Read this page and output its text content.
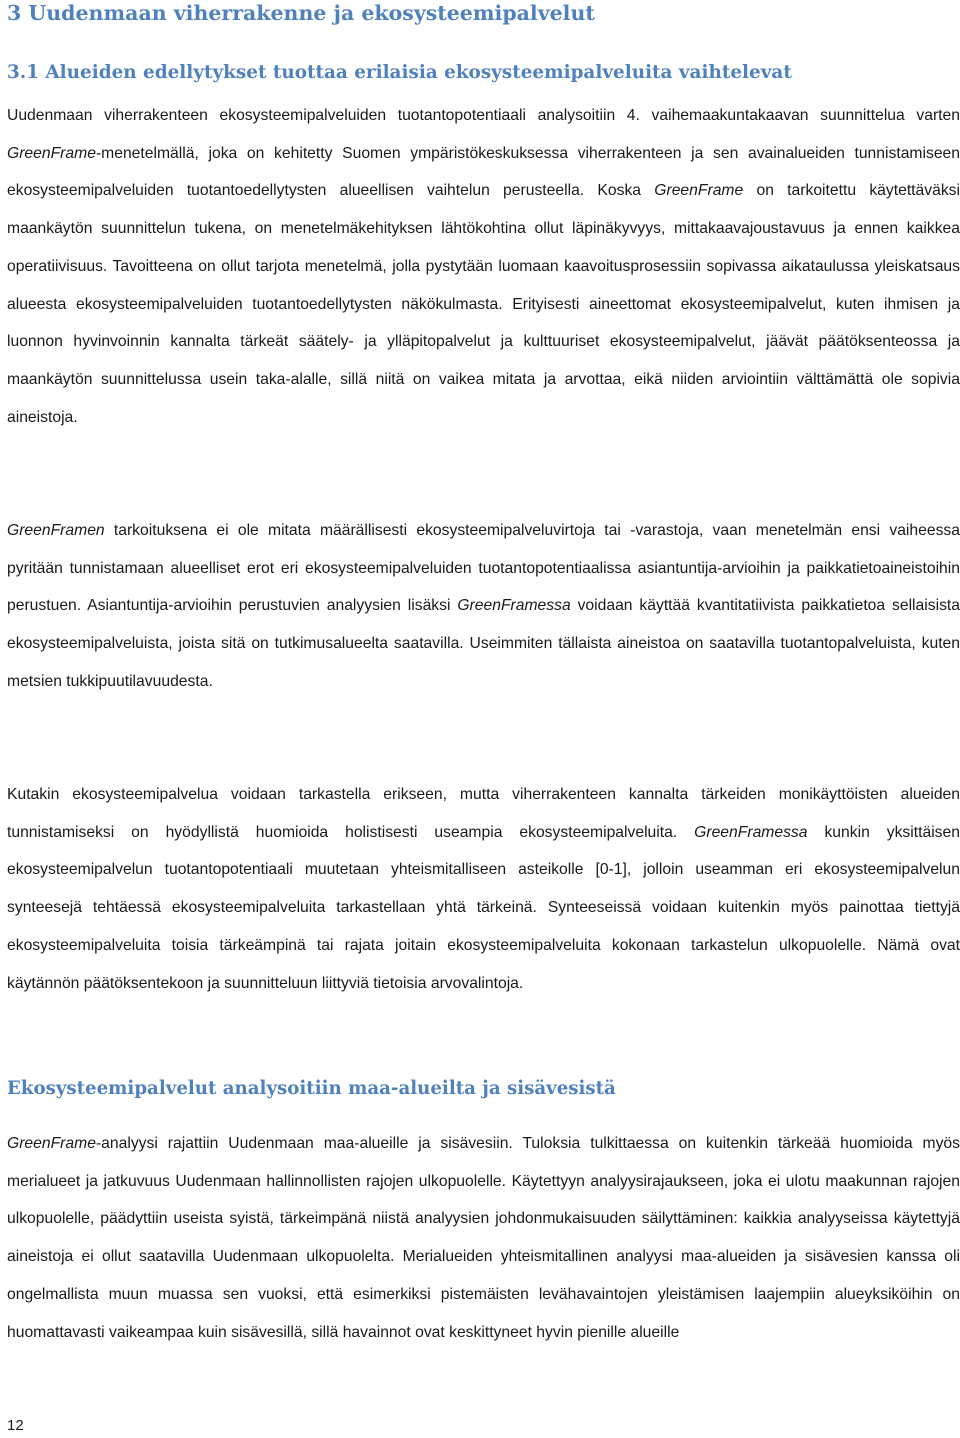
3 Uudenmaan viherrakenne ja ekosysteemipalvelut
3.1 Alueiden edellytykset tuottaa erilaisia ekosysteemipalveluita vaihtelevat

Uudenmaan viherrakenteen ekosysteemipalveluiden tuotantopotentiaali analysoitiin 4. vaihemaakuntakaavan suunnittelua varten GreenFrame-menetelmällä, joka on kehitetty Suomen ympäristökeskuksessa viherrakenteen ja sen avainalueiden tunnistamiseen ekosysteemipalveluiden tuotantoedellytysten alueellisen vaihtelun perusteella. Koska GreenFrame on tarkoitettu käytettäväksi maankäytön suunnittelun tukena, on menetelmäkehityksen lähtökohtina ollut läpinäkyvyys, mittakaavajoustavuus ja ennen kaikkea operatiivisuus. Tavoitteena on ollut tarjota menetelmä, jolla pystytään luomaan kaavoitusprosessiin sopivassa aikataulussa yleiskatsaus alueesta ekosysteemipalveluiden tuotantoedellytysten näkökulmasta. Erityisesti aineettomat ekosysteemipalvelut, kuten ihmisen ja luonnon hyvinvoinnin kannalta tärkeät säätely- ja ylläpitopalvelut ja kulttuuriset ekosysteemipalvelut, jäävät päätöksenteossa ja maankäytön suunnittelussa usein taka-alalle, sillä niitä on vaikea mitata ja arvottaa, eikä niiden arviointiin välttämättä ole sopivia aineistoja.

GreenFramen tarkoituksena ei ole mitata määrällisesti ekosysteemipalveluvirtoja tai -varastoja, vaan menetelmän ensi vaiheessa pyritään tunnistamaan alueelliset erot eri ekosysteemipalveluiden tuotantopotentiaalissa asiantuntija-arvioihin ja paikkatietoaineistoihin perustuen. Asiantuntija-arvioihin perustuvien analyysien lisäksi GreenFramessa voidaan käyttää kvantitatiivista paikkatietoa sellaisista ekosysteemipalveluista, joista sitä on tutkimusalueelta saatavilla. Useimmiten tällaista aineistoa on saatavilla tuotantopalveluista, kuten metsien tukkipuutilavuudesta.

Kutakin ekosysteemipalvelua voidaan tarkastella erikseen, mutta viherrakenteen kannalta tärkeiden monikäyttöisten alueiden tunnistamiseksi on hyödyllistä huomioida holistisesti useampia ekosysteemipalveluita. GreenFramessa kunkin yksittäisen ekosysteemipalvelun tuotantopotentiaali muutetaan yhteismitalliseen asteikolle [0-1], jolloin useamman eri ekosysteemipalvelun synteesejä tehtäessä ekosysteemipalveluita tarkastellaan yhtä tärkeinä. Synteeseissä voidaan kuitenkin myös painottaa tiettyjä ekosysteemipalveluita toisia tärkeämpinä tai rajata joitain ekosysteemipalveluita kokonaan tarkastelun ulkopuolelle. Nämä ovat käytännön päätöksentekoon ja suunnitteluun liittyviä tietoisia arvovalintoja.

Ekosysteemipalvelut analysoitiin maa-alueilta ja sisävesistä

GreenFrame-analyysi rajattiin Uudenmaan maa-alueille ja sisävesiin. Tuloksia tulkittaessa on kuitenkin tärkeää huomioida myös merialueet ja jatkuvuus Uudenmaan hallinnollisten rajojen ulkopuolelle. Käytettyyn analyysirajaukseen, joka ei ulotu maakunnan rajojen ulkopuolelle, päädyttiin useista syistä, tärkeimpänä niistä analyysien johdonmukaisuuden säilyttäminen: kaikkia analyyseissa käytettyjä aineistoja ei ollut saatavilla Uudenmaan ulkopuolelta. Merialueiden yhteismitallinen analyysi maa-alueiden ja sisävesien kanssa oli ongelmallista muun muassa sen vuoksi, että esimerkiksi pistemäisten levähavaintojen yleistämisen laajempiin alueyksiköihin on huomattavasti vaikeampaa kuin sisävesillä, sillä havainnot ovat keskittyneet hyvin pienille alueille

12
